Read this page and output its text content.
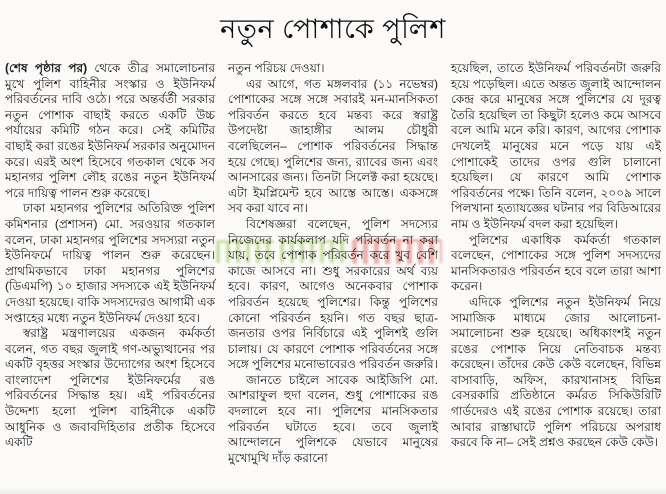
নতুন পোশাকে পুলিশ

(শেষ পৃষ্ঠার পর) থেকে তীব্র সমালোচনার মুখে পুলিশ বাহিনীর সংস্কার ও ইউনিফর্ম পরিবর্তনের দাবি ওঠে। পরে অন্তর্বর্তী সরকার নতুন পোশাক বাছাই করতে একটি উচ্চ পর্যায়ের কমিটি গঠন করে। সেই কমিটির বাছাই করা রঙের ইউনিফর্ম সরকার অনুমোদন করে। এরই অংশ হিসেবে গতকাল থেকে সব মহানগর পুলিশ লৌহ রঙের নতুন ইউনিফর্ম পরে দায়িত্ব পালন শুরু করেছে।

ঢাকা মহানগর পুলিশের অতিরিক্ত পুলিশ কমিশনার (প্রশাসন) মো. সরওয়ার গতকাল বলেন, ঢাকা মহানগর পুলিশের সদস্যরা নতুন ইউনিফর্মে দায়িত্ব পালন শুরু করেছেন। প্রাথমিকভাবে ঢাকা মহানগর পুলিশের (ডিএমপি) ১০ হাজার সদস্যকে এই ইউনিফর্ম দেওয়া হয়েছে। বাকি সদস্যদেরও আগামী এক সপ্তাহের মধ্যে নতুন ইউনিফর্ম দেওয়া হবে।

স্বরাষ্ট্র মন্ত্রণালয়ের একজন কর্মকর্তা বলেন, গত বছর জুলাই গণ-অভ্যুত্থানের পর একটি বৃহত্তর সংস্কার উদ্যোগের অংশ হিসেবে বাংলাদেশ পুলিশের ইউনিফর্মের রঙ পরিবর্তনের সিদ্ধান্ত হয়। এই পরিবর্তনের উদ্দেশ্য হলো পুলিশ বাহিনীকে একটি আধুনিক ও জবাবদিহিতার প্রতীক হিসেবে একটি

নতুন পরিচয় দেওয়া।

এর আগে, গত মঙ্গলবার (১১ নভেম্বর) পোশাকের সঙ্গে সঙ্গে সবারই মন-মানসিকতা পরিবর্তন করতে হবে মন্তব্য করে স্বরাষ্ট্র উপদেষ্টা জাহাঙ্গীর আলম চৌধুরী বলেছিলেন– পোশাক পরিবর্তনের সিদ্ধান্ত হয়ে গেছে। পুলিশের জন্য, র‍্যাবের জন্য এবং আনসারের জন্য। তিনটা সিলেক্ট করা হয়েছে। এটা ইমপ্লিমেন্ট হবে আস্তে আস্তে। একসঙ্গে সব করা যাবে না।

বিশেষজ্ঞরা বলেছেন, পুলিশ সদস্যের নিজেদের কার্যকলাপ যদি পরিবর্তন না করা যায়, তবে পোশাক পরিবর্তন করে খুব বেশি কাজে আসবে না। শুধু সরকারের অর্থ ব্যয় হবে। কারণ, আগেও অনেকবার পোশাক পরিবর্তন হয়েছে পুলিশের। কিন্তু পুলিশের কোনো পরিবর্তন হয়নি। গত বছর ছাত্র-জনতার ওপর নির্বিচারে এই পুলিশই গুলি চালায়। যে কারণে পোশাক পরিবর্তনের সঙ্গে সঙ্গে পুলিশের মনোভাবেরও পরিবর্তন জরুরি।

জানতে চাইলে সাবেক আইজিপি মো. আশরাফুল হুদা বলেন, শুধু পোশাকের রঙ বদলালে হবে না। পুলিশের মানসিকতার পরিবর্তন ঘটাতে হবে। তবে জুলাই আন্দোলনে পুলিশকে যেভাবে মানুষের মুখোমুখি দাঁড় করানো

হয়েছিল, তাতে ইউনিফর্ম পরিবর্তনটা জরুরি হয়ে পড়েছিল। এতে অন্তত জুলাই আন্দোলন কেন্দ্র করে মানুষের সঙ্গে পুলিশের যে দূরত্ব তৈরি হয়েছিল তা কিছুটা হলেও কমে আসবে বলে আমি মনে করি। কারণ, আগের পোশাক দেখলেই মানুষের মনে পড়ে যায় এই পোশাকেই তাদের ওপর গুলি চালানো হয়েছিল। যে কারণে আমি পোশাক পরিবর্তনের পক্ষে। তিনি বলেন, ২০০৯ সালে পিলখানা হত্যাযজ্ঞের ঘটনার পর বিডিআরের নাম ও ইউনিফর্ম বদল করা হয়েছিল।

পুলিশের একাধিক কর্মকর্তা গতকাল বলেছেন, পোশাকের সঙ্গে পুলিশ সদস্যদের মানসিকতারও পরিবর্তন হবে বলে তারা আশা করেন।

এদিকে পুলিশের নতুন ইউনিফর্ম নিয়ে সামাজিক মাধ্যমে জোর আলোচনা-সমালোচনা শুরু হয়েছে। অধিকাংশই নতুন রঙের পোশাক নিয়ে নেতিবাচক মন্তব্য করেছেন। তাঁদের কেউ কেউ বলেছেন, বিভিন্ন বাসাবাড়ি, অফিস, কারখানাসহ বিভিন্ন বেসরকারি প্রতিষ্ঠানে কর্মরত সিকিউরিটি গার্ডদেরও এই রঙের পোশাক রয়েছে। তারা আবার রাস্তাঘাটে পুলিশ পরিচয়ে অপরাধ করবে কি না– সেই প্রশ্নও করছেন কেউ কেউ।
